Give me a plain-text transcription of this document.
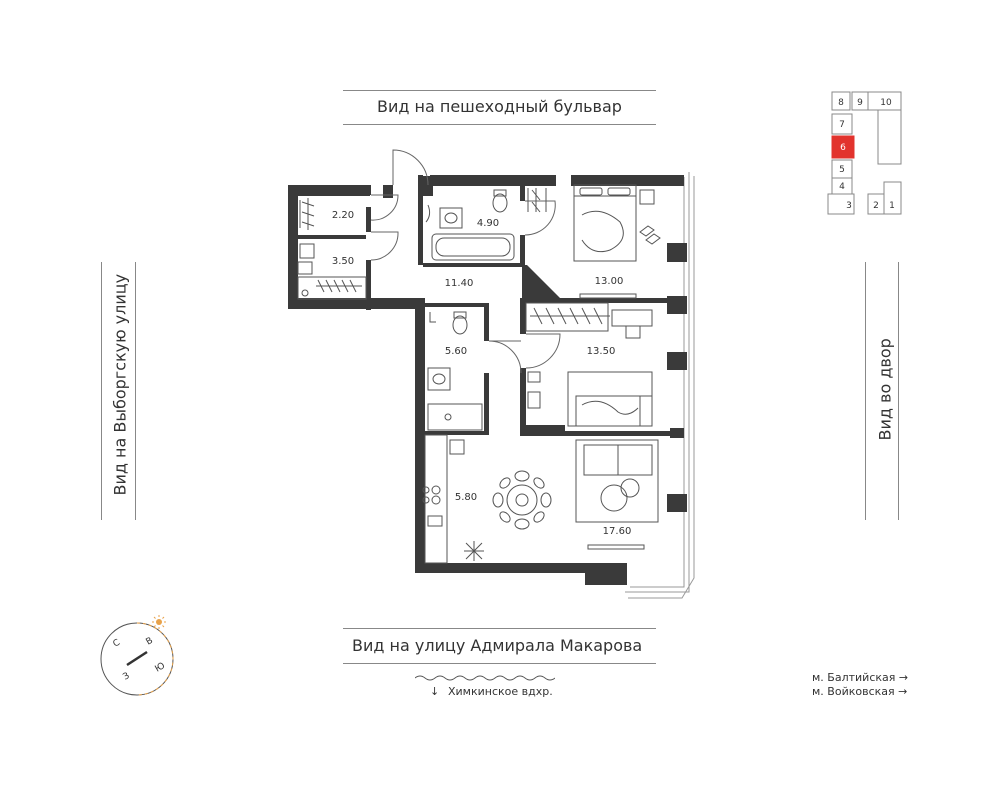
Вид на пешеходный бульвар
Вид на улицу Адмирала Макарова
Вид на Выборгскую улицу	Вид во двор
↓ Химкинское вдхр.
м. Балтийская →
м. Войковская →
С	В
Ю
З
8 9 10
7
6
5
4
3 2 1
2.20
3.50
4.90
11.40	13.00
5.60	13.50
5.80
17.60
